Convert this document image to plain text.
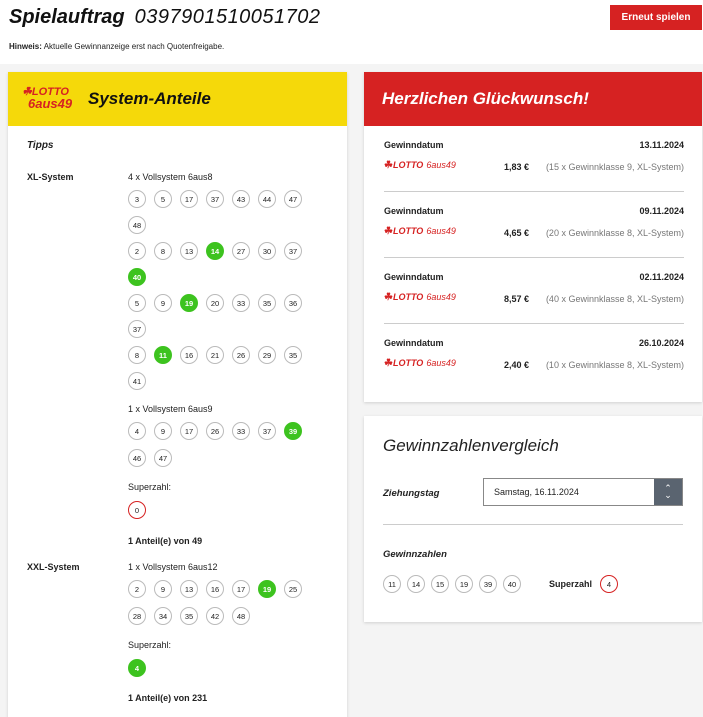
Spielauftrag 0397901510051702
Hinweis: Aktuelle Gewinnanzeige erst nach Quotenfreigabe.
Erneut spielen
☘LOTTO
6aus49 System-Anteile
Tipps
XL-System	4 x Vollsystem 6aus8
3	5	17	37	43	44	47
48
2	8	13	14	27	30	37
40
5	9	19	20	33	35	36
37
8	11	16	21	26	29	35
41
1 x Vollsystem 6aus9
4	9	17	26	33	37	39
46	47
Superzahl:
0
1 Anteil(e) von 49
XXL-System	1 x Vollsystem 6aus12
2	9	13	16	17	19	25
28	34	35	42	48
Superzahl:
4
1 Anteil(e) von 231
Herzlichen Glückwunsch!
Gewinndatum	13.11.2024
☘ LOTTO 6aus49	1,83 € (15 x Gewinnklasse 9, XL-System)
Gewinndatum	09.11.2024
☘ LOTTO 6aus49	4,65 € (20 x Gewinnklasse 8, XL-System)
Gewinndatum	02.11.2024
☘ LOTTO 6aus49	8,57 € (40 x Gewinnklasse 8, XL-System)
Gewinndatum	26.10.2024
☘ LOTTO 6aus49	2,40 € (10 x Gewinnklasse 8, XL-System)
Gewinnzahlenvergleich
Ziehungstag	Samstag, 16.11.2024	⌃
⌄
Gewinnzahlen
11	14	15	19	39	40	Superzahl	4
